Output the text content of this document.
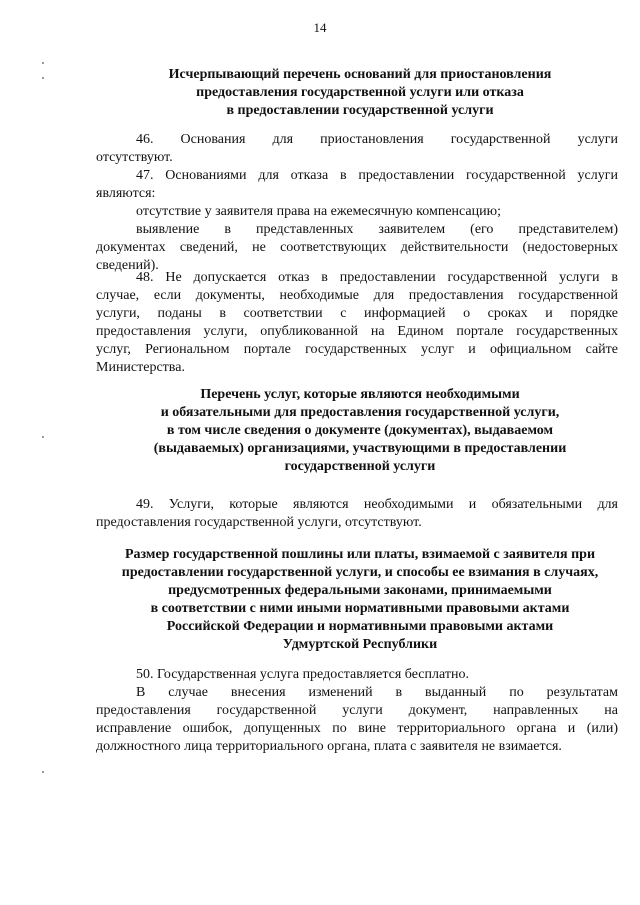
14
Исчерпывающий перечень оснований для приостановления
предоставления государственной услуги или отказа
в предоставлении государственной услуги
46. Основания для приостановления государственной услуги
отсутствуют.
47. Основаниями для отказа в предоставлении государственной услуги
являются:
отсутствие у заявителя права на ежемесячную компенсацию;
выявление в представленных заявителем (его представителем)
документах сведений, не соответствующих действительности (недостоверных
сведений).
48. Не допускается отказ в предоставлении государственной услуги в
случае, если документы, необходимые для предоставления государственной
услуги, поданы в соответствии с информацией о сроках и порядке
предоставления услуги, опубликованной на Едином портале государственных
услуг, Региональном портале государственных услуг и официальном сайте
Министерства.
Перечень услуг, которые являются необходимыми
и обязательными для предоставления государственной услуги,
в том числе сведения о документе (документах), выдаваемом
(выдаваемых) организациями, участвующими в предоставлении
государственной услуги
49. Услуги, которые являются необходимыми и обязательными для
предоставления государственной услуги, отсутствуют.
Размер государственной пошлины или платы, взимаемой с заявителя при
предоставлении государственной услуги, и способы ее взимания в случаях,
предусмотренных федеральными законами, принимаемыми
в соответствии с ними иными нормативными правовыми актами
Российской Федерации и нормативными правовыми актами
Удмуртской Республики
50. Государственная услуга предоставляется бесплатно.
В случае внесения изменений в выданный по результатам
предоставления государственной услуги документ, направленных на
исправление ошибок, допущенных по вине территориального органа и (или)
должностного лица территориального органа, плата с заявителя не взимается.
